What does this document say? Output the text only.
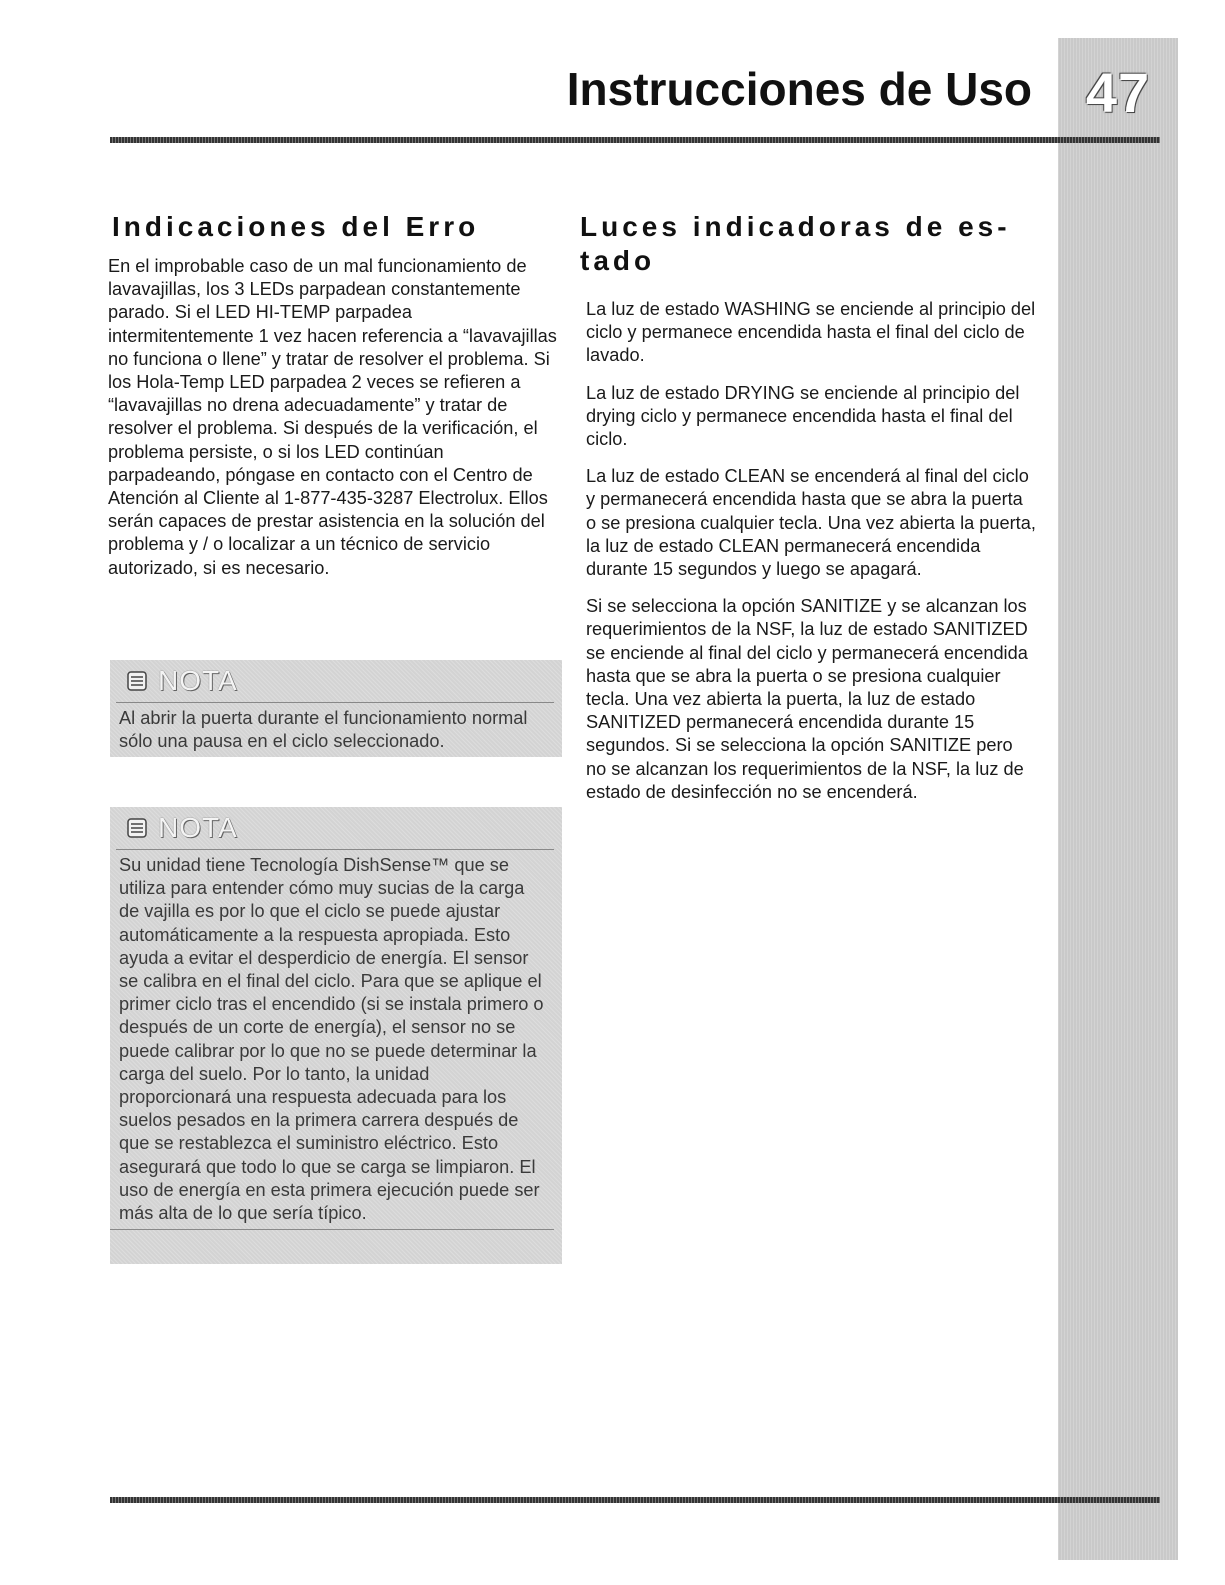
47
Instrucciones de Uso
Indicaciones del Erro

En el improbable caso de un mal funcionamiento de lavavajillas, los 3 LEDs parpadean constantemente parado. Si el LED HI-TEMP parpadea intermitentemente 1 vez hacen referencia a “lavavajillas no funciona o llene” y tratar de resolver el problema. Si los Hola-Temp LED parpadea 2 veces se refieren a “lavavajillas no drena adecuadamente” y tratar de resolver el problema. Si después de la verificación, el problema persiste, o si los LED continúan parpadeando, póngase en contacto con el Centro de Atención al Cliente al 1-877-435-3287 Electrolux. Ellos serán capaces de prestar asistencia en la solución del problema y / o localizar a un técnico de servicio autorizado, si es necesario.

NOTA

Al abrir la puerta durante el funcionamiento normal sólo una pausa en el ciclo seleccionado.

NOTA

Su unidad tiene Tecnología DishSense™ que se utiliza para entender cómo muy sucias de la carga de vajilla es por lo que el ciclo se puede ajustar automáticamente a la respuesta apropiada. Esto ayuda a evitar el desperdicio de energía. El sensor se calibra en el final del ciclo. Para que se aplique el primer ciclo tras el encendido (si se instala primero o después de un corte de energía), el sensor no se puede calibrar por lo que no se puede determinar la carga del suelo. Por lo tanto, la unidad proporcionará una respuesta adecuada para los suelos pesados en la primera carrera después de que se restablezca el suministro eléctrico. Esto asegurará que todo lo que se carga se limpiaron. El uso de energía en esta primera ejecución puede ser más alta de lo que sería típico.

Luces indicadoras de es-tado

La luz de estado WASHING se enciende al principio del ciclo y permanece encendida hasta el final del ciclo de lavado.

La luz de estado DRYING se enciende al principio del drying ciclo y permanece encendida hasta el final del ciclo.

La luz de estado CLEAN se encenderá al final del ciclo y permanecerá encendida hasta que se abra la puerta o se presiona cualquier tecla. Una vez abierta la puerta, la luz de estado CLEAN permanecerá encendida durante 15 segundos y luego se apagará.

Si se selecciona la opción SANITIZE y se alcanzan los requerimientos de la NSF, la luz de estado SANITIZED se enciende al final del ciclo y permanecerá encendida hasta que se abra la puerta o se presiona cualquier tecla. Una vez abierta la puerta, la luz de estado SANITIZED permanecerá encendida durante 15 segundos. Si se selecciona la opción SANITIZE pero no se alcanzan los requerimientos de la NSF, la luz de estado de desinfección no se encenderá.
